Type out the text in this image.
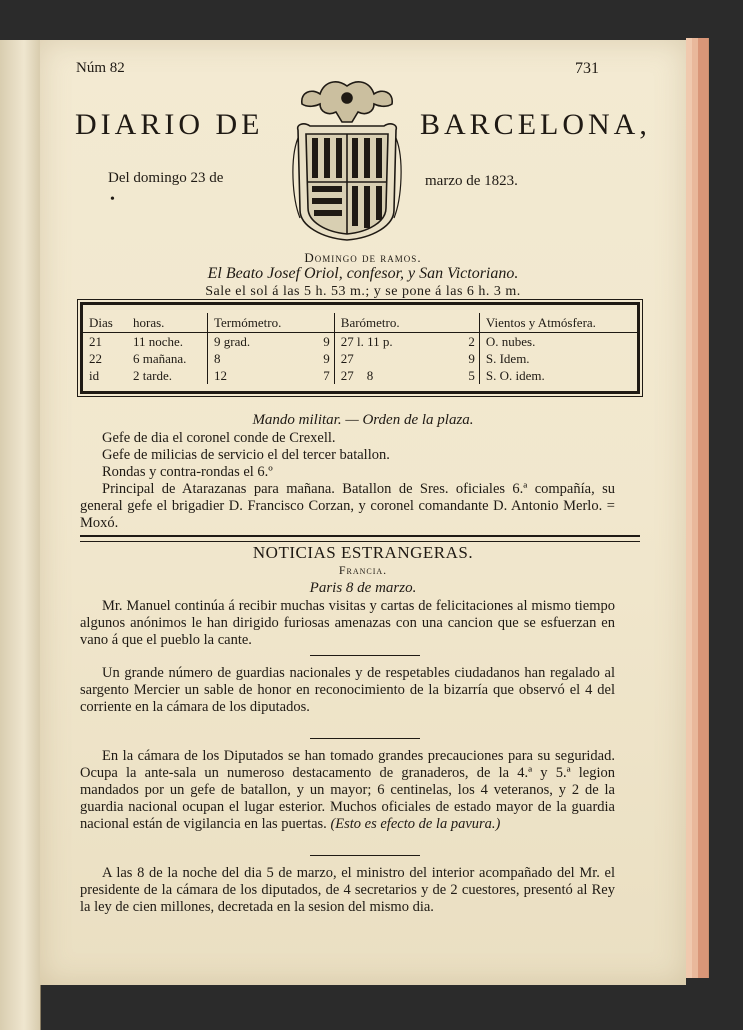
Núm 82	731
DIARIO DE	BARCELONA,
Del domingo 23 de	marzo de 1823.
•
Domingo de ramos.
El Beato Josef Oriol, confesor, y San Victoriano.
Sale el sol á las 5 h. 53 m.; y se pone á las 6 h. 3 m.
Dias	horas.	Termómetro.		Barómetro.		Vientos y Atmósfera.
21	11 noche.	9 grad.	9	27 l. 11 p.	2	O. nubes.
22	6 mañana.	8	9	27	9	S. Idem.
id	2 tarde.	12	7	27 8	5	S. O. idem.
Mando militar. — Orden de la plaza.
Gefe de dia el coronel conde de Crexell.
Gefe de milicias de servicio el del tercer batallon.
Rondas y contra-rondas el 6.º
Principal de Atarazanas para mañana. Batallon de Sres. oficiales 6.ª compañía, su general gefe el brigadier D. Francisco Corzan, y coronel comandante D. Antonio Merlo. = Moxó.
NOTICIAS ESTRANGERAS.
Francia.
Paris 8 de marzo.
Mr. Manuel continúa á recibir muchas visitas y cartas de felicitaciones al mismo tiempo algunos anónimos le han dirigido furiosas amenazas con una cancion que se esfuerzan en vano á que el pueblo la cante.
Un grande número de guardias nacionales y de respetables ciudadanos han regalado al sargento Mercier un sable de honor en reconocimiento de la bizarría que observó el 4 del corriente en la cámara de los diputados.
En la cámara de los Diputados se han tomado grandes precauciones para su seguridad. Ocupa la ante-sala un numeroso destacamento de granaderos, de la 4.ª y 5.ª legion mandados por un gefe de batallon, y un mayor; 6 centinelas, los 4 veteranos, y 2 de la guardia nacional ocupan el lugar esterior. Muchos oficiales de estado mayor de la guardia nacional están de vigilancia en las puertas. (Esto es efecto de la pavura.)
A las 8 de la noche del dia 5 de marzo, el ministro del interior acompañado del Mr. el presidente de la cámara de los diputados, de 4 secretarios y de 2 cuestores, presentó al Rey la ley de cien millones, decretada en la sesion del mismo dia.
